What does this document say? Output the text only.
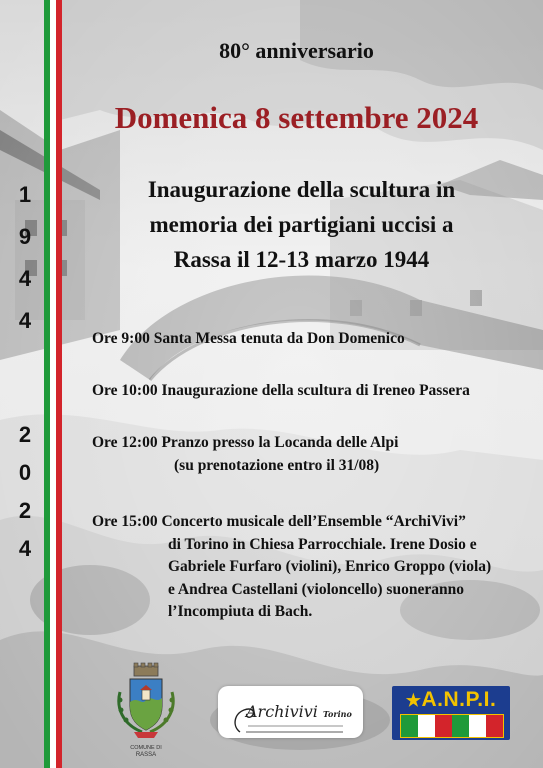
80° anniversario
Domenica 8 settembre 2024
Inaugurazione della scultura in
memoria dei partigiani uccisi a
Rassa il 12-13 marzo 1944
1
9
4
4
2
0
2
4
Ore 9:00 Santa Messa tenuta da Don Domenico
Ore 10:00 Inaugurazione della scultura di Ireneo Passera
Ore 12:00 Pranzo presso la Locanda delle Alpi
(su prenotazione entro il 31/08)
Ore 15:00 Concerto musicale dell’Ensemble “ArchiVivi”
di Torino in Chiesa Parrocchiale. Irene Dosio e
Gabriele Furfaro (violini), Enrico Groppo (viola)
e Andrea Castellani (violoncello) suoneranno
l’Incompiuta di Bach.
COMUNE DI
RASSA
Archivivi Torino
★A.N.P.I.
